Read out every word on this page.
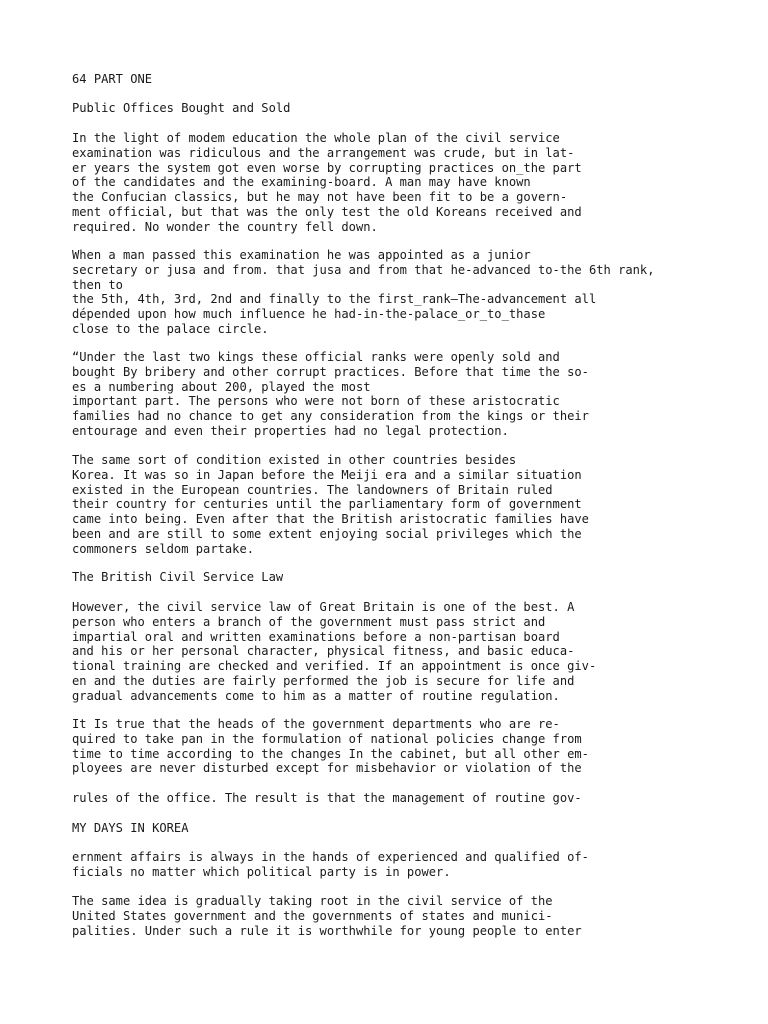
64 PART ONE

Public Offices Bought and Sold

In the light of modem education the whole plan of the civil service
examination was ridiculous and the arrangement was crude, but in lat-
er years the system got even worse by corrupting practices on_the part
of the candidates and the examining-board. A man may have known
the Confucian classics, but he may not have been fit to be a govern-
ment official, but that was the only test the old Koreans received and
required. No wonder the country fell down.

When a man passed this examination he was appointed as a junior
secretary or jusa and from. that jusa and from that he-advanced to-the 6th rank,
then to
the 5th, 4th, 3rd, 2nd and finally to the first_rank—The-advancement all
dépended upon how much influence he had-in-the-palace_or_to_thase
close to the palace circle.

“Under the last two kings these official ranks were openly sold and
bought By bribery and other corrupt practices. Before that time the so-
es a numbering about 200, played the most
important part. The persons who were not born of these aristocratic
families had no chance to get any consideration from the kings or their
entourage and even their properties had no legal protection.

The same sort of condition existed in other countries besides
Korea. It was so in Japan before the Meiji era and a similar situation
existed in the European countries. The landowners of Britain ruled
their country for centuries until the parliamentary form of government
came into being. Even after that the British aristocratic families have
been and are still to some extent enjoying social privileges which the
commoners seldom partake.

The British Civil Service Law

However, the civil service law of Great Britain is one of the best. A
person who enters a branch of the government must pass strict and
impartial oral and written examinations before a non-partisan board
and his or her personal character, physical fitness, and basic educa-
tional training are checked and verified. If an appointment is once giv-
en and the duties are fairly performed the job is secure for life and
gradual advancements come to him as a matter of routine regulation.

It Is true that the heads of the government departments who are re-
quired to take pan in the formulation of national policies change from
time to time according to the changes In the cabinet, but all other em-
ployees are never disturbed except for misbehavior or violation of the

rules of the office. The result is that the management of routine gov-

MY DAYS IN KOREA

ernment affairs is always in the hands of experienced and qualified of-
ficials no matter which political party is in power.

The same idea is gradually taking root in the civil service of the
United States government and the governments of states and munici-
palities. Under such a rule it is worthwhile for young people to enter
